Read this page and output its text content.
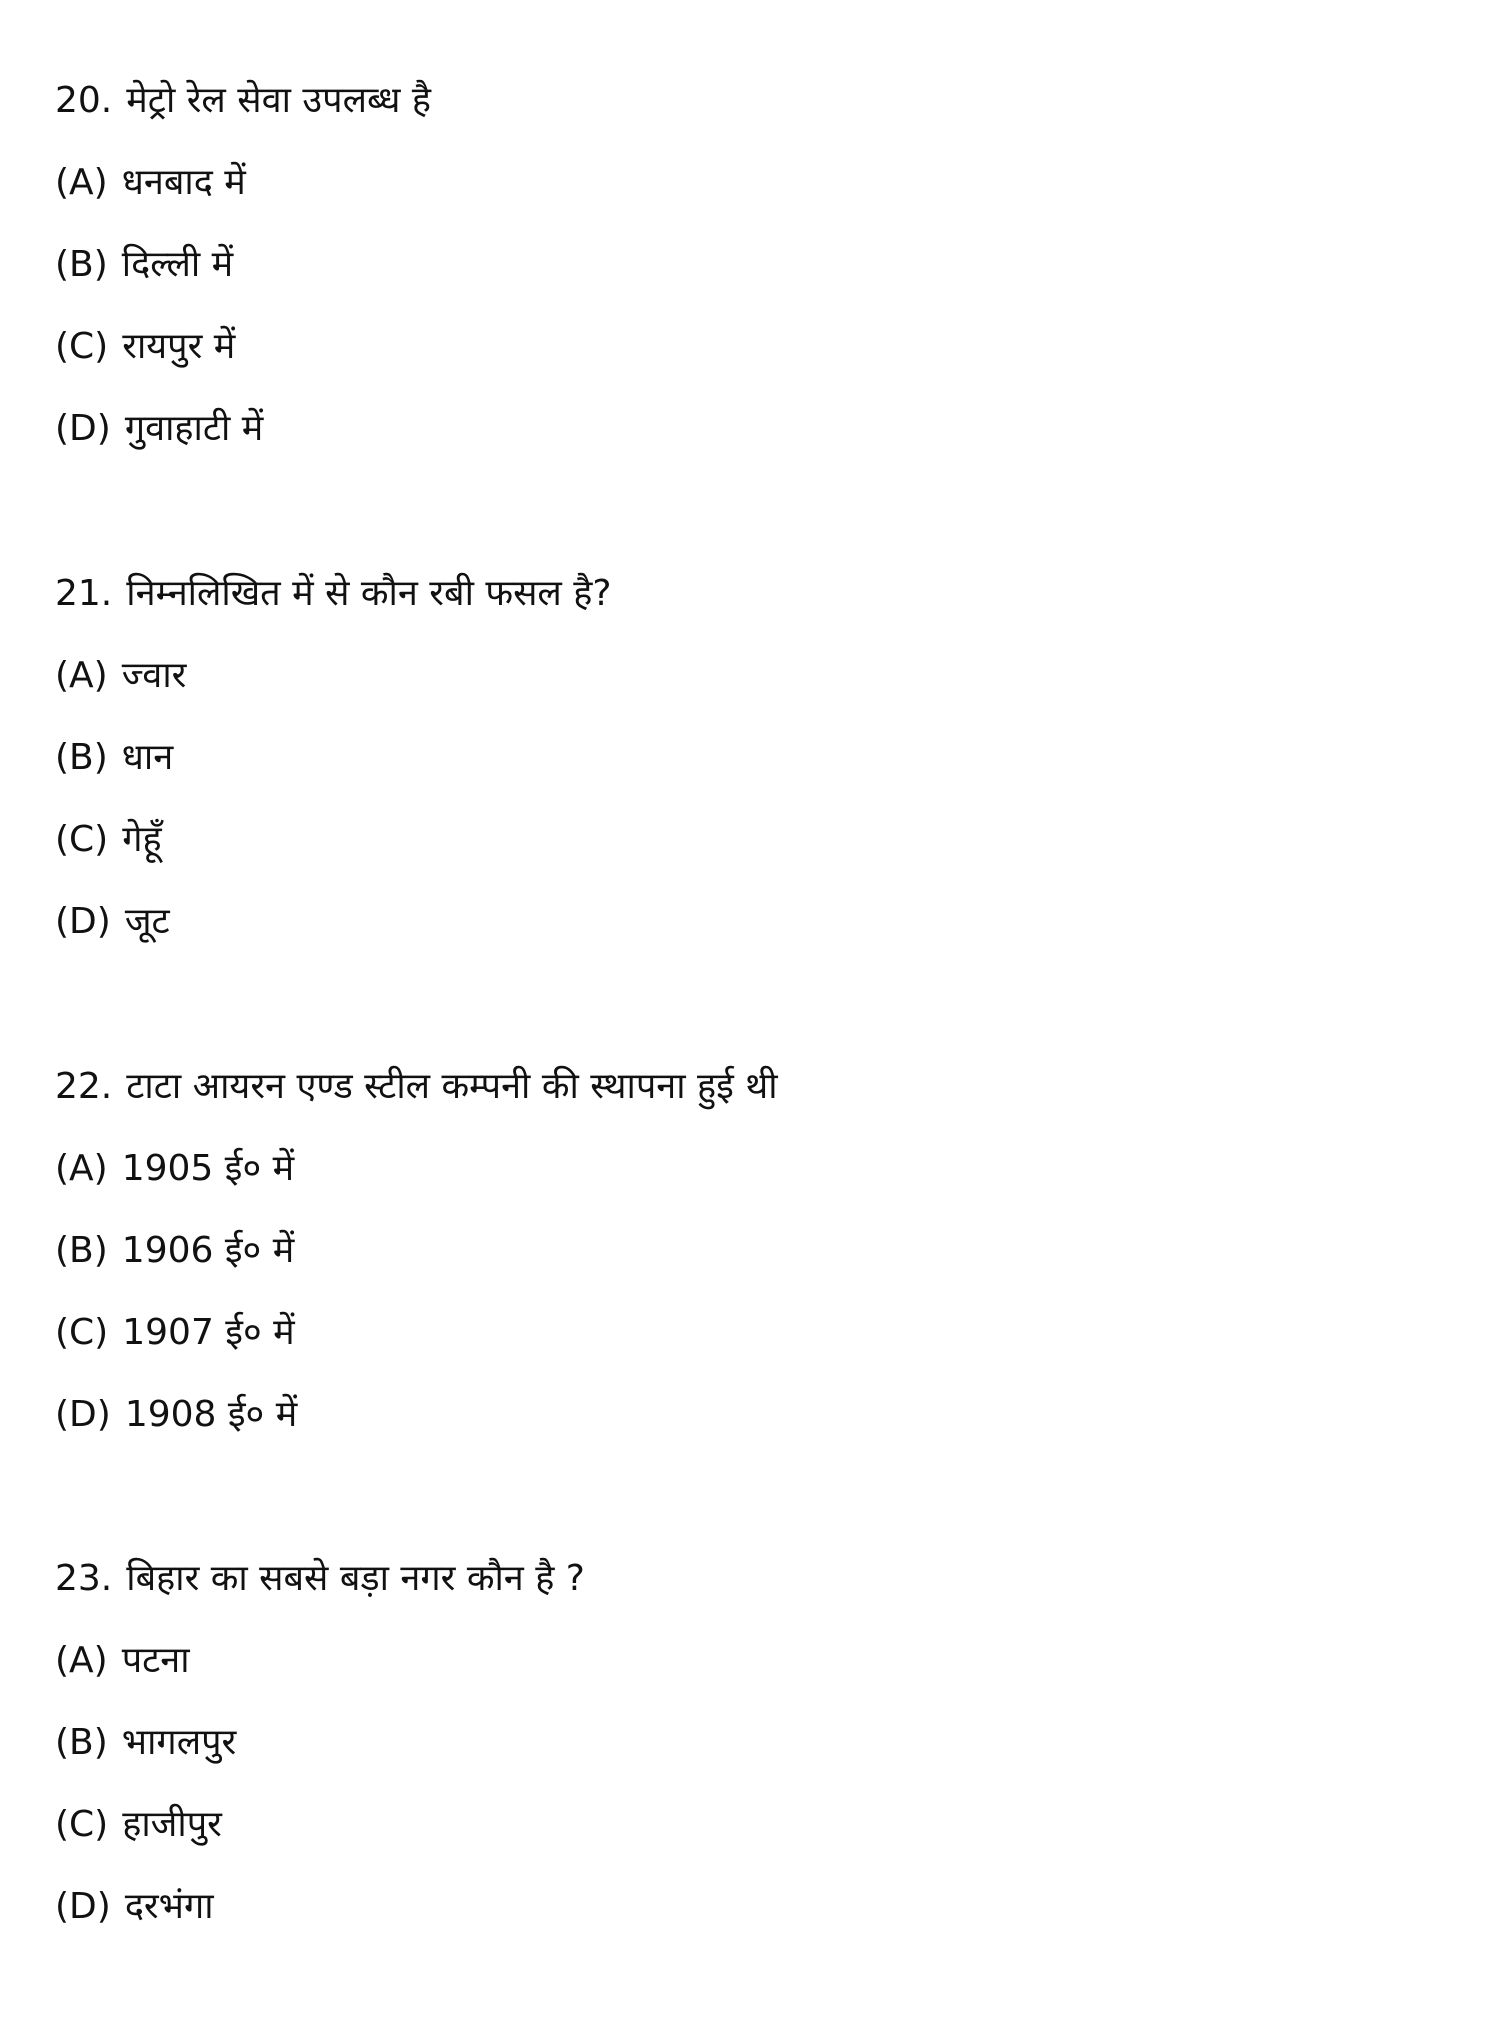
20. मेट्रो रेल सेवा उपलब्ध है
(A) धनबाद में
(B) दिल्ली में
(C) रायपुर में
(D) गुवाहाटी में
21. निम्नलिखित में से कौन रबी फसल है?
(A) ज्वार
(B) धान
(C) गेहूँ
(D) जूट
22. टाटा आयरन एण्ड स्टील कम्पनी की स्थापना हुई थी
(A) 1905 ई० में
(B) 1906 ई० में
(C) 1907 ई० में
(D) 1908 ई० में
23. बिहार का सबसे बड़ा नगर कौन है ?
(A) पटना
(B) भागलपुर
(C) हाजीपुर
(D) दरभंगा
